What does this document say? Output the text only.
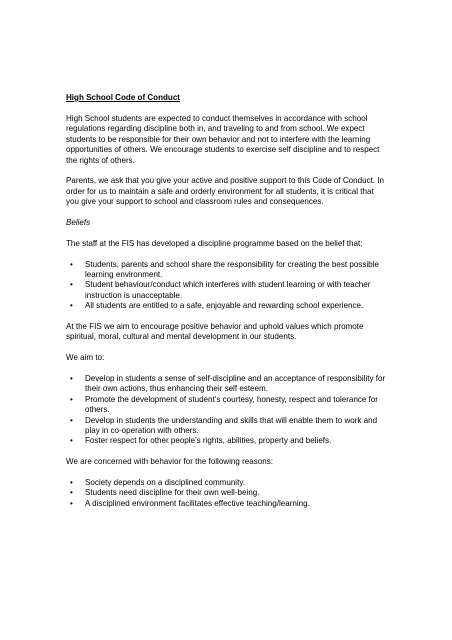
High School Code of Conduct

High School students are expected to conduct themselves in accordance with school regulations regarding discipline both in, and traveling to and from school. We expect students to be responsible for their own behavior and not to interfere with the learning opportunities of others. We encourage students to exercise self discipline and to respect the rights of others.

Parents, we ask that you give your active and positive support to this Code of Conduct. In order for us to maintain a safe and orderly environment for all students, it is critical that you give your support to school and classroom rules and consequences.

Beliefs

The staff at the FIS has developed a discipline programme based on the belief that:

• Students, parents and school share the responsibility for creating the best possible learning environment.
• Student behaviour/conduct which interferes with student learning or with teacher instruction is unacceptable.
• All students are entitled to a safe, enjoyable and rewarding school experience.

At the FIS we aim to encourage positive behavior and uphold values which promote spiritual, moral, cultural and mental development in our students.

We aim to:

• Develop in students a sense of self-discipline and an acceptance of responsibility for their own actions, thus enhancing their self esteem.
• Promote the development of student’s courtesy, honesty, respect and tolerance for others.
• Develop in students the understanding and skills that will enable them to work and play in co-operation with others.
• Foster respect for other people’s rights, abilities, property and beliefs.

We are concerned with behavior for the following reasons:

• Society depends on a disciplined community.
• Students need discipline for their own well-being.
• A disciplined environment facilitates effective teaching/learning.
